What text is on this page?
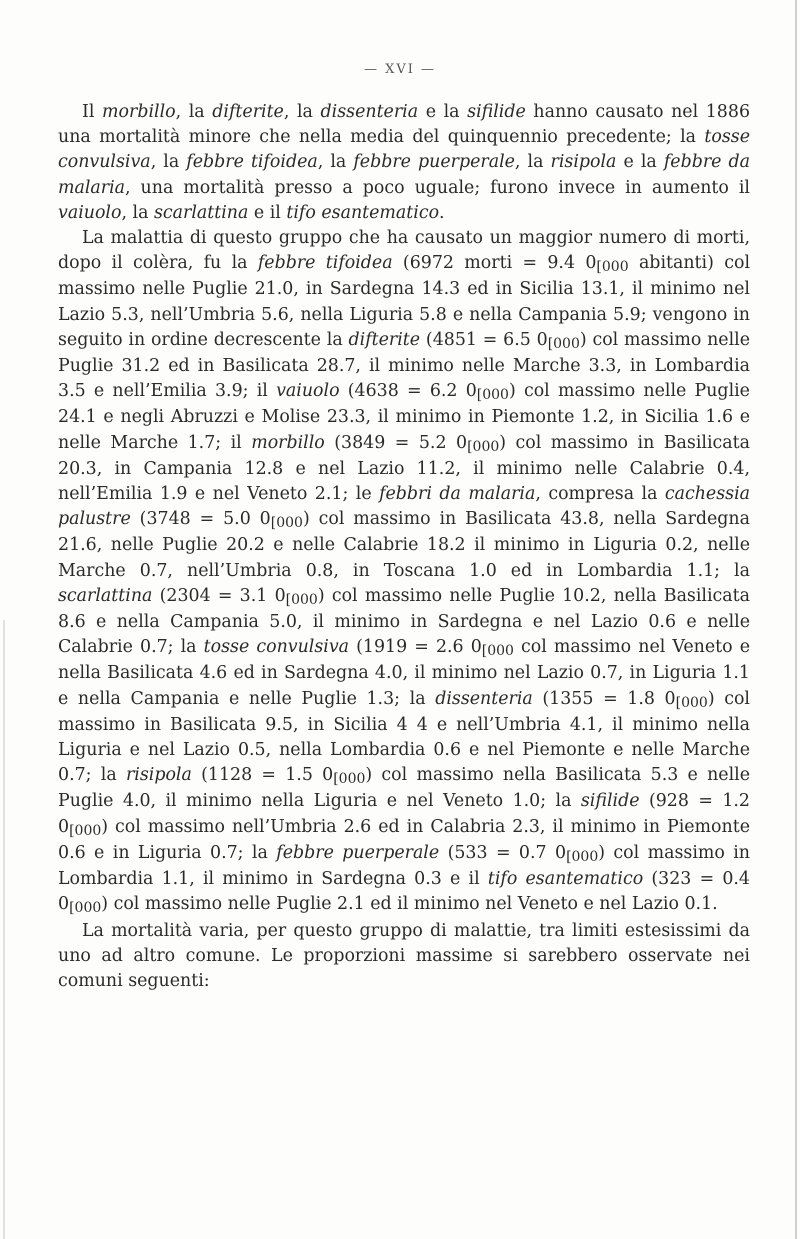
— XVI —

Il morbillo, la difterite, la dissenteria e la sifilide hanno causato nel 1886 una mortalità minore che nella media del quinquennio precedente; la tosse convulsiva, la febbre tifoidea, la febbre puerperale, la risipola e la febbre da malaria, una mortalità presso a poco uguale; furono invece in aumento il vaiuolo, la scarlattina e il tifo esantematico.

La malattia di questo gruppo che ha causato un maggior numero di morti, dopo il colèra, fu la febbre tifoidea (6972 morti = 9.4 0[000 abitanti) col massimo nelle Puglie 21.0, in Sardegna 14.3 ed in Sicilia 13.1, il minimo nel Lazio 5.3, nell’Umbria 5.6, nella Liguria 5.8 e nella Campania 5.9; vengono in seguito in ordine decrescente la difterite (4851 = 6.5 0[000) col massimo nelle Puglie 31.2 ed in Basilicata 28.7, il minimo nelle Marche 3.3, in Lombardia 3.5 e nell’Emilia 3.9; il vaiuolo (4638 = 6.2 0[000) col massimo nelle Puglie 24.1 e negli Abruzzi e Molise 23.3, il minimo in Piemonte 1.2, in Sicilia 1.6 e nelle Marche 1.7; il morbillo (3849 = 5.2 0[000) col massimo in Basilicata 20.3, in Campania 12.8 e nel Lazio 11.2, il minimo nelle Calabrie 0.4, nell’Emilia 1.9 e nel Veneto 2.1; le febbri da malaria, compresa la cachessia palustre (3748 = 5.0 0[000) col massimo in Basilicata 43.8, nella Sardegna 21.6, nelle Puglie 20.2 e nelle Calabrie 18.2 il minimo in Liguria 0.2, nelle Marche 0.7, nell’Umbria 0.8, in Toscana 1.0 ed in Lombardia 1.1; la scarlattina (2304 = 3.1 0[000) col massimo nelle Puglie 10.2, nella Basilicata 8.6 e nella Campania 5.0, il minimo in Sardegna e nel Lazio 0.6 e nelle Calabrie 0.7; la tosse convulsiva (1919 = 2.6 0[000 col massimo nel Veneto e nella Basilicata 4.6 ed in Sardegna 4.0, il minimo nel Lazio 0.7, in Liguria 1.1 e nella Campania e nelle Puglie 1.3; la dissenteria (1355 = 1.8 0[000) col massimo in Basilicata 9.5, in Sicilia 4 4 e nell’Umbria 4.1, il minimo nella Liguria e nel Lazio 0.5, nella Lombardia 0.6 e nel Piemonte e nelle Marche 0.7; la risipola (1128 = 1.5 0[000) col massimo nella Basilicata 5.3 e nelle Puglie 4.0, il minimo nella Liguria e nel Veneto 1.0; la sifilide (928 = 1.2 0[000) col massimo nell’Umbria 2.6 ed in Calabria 2.3, il minimo in Piemonte 0.6 e in Liguria 0.7; la febbre puerperale (533 = 0.7 0[000) col massimo in Lombardia 1.1, il minimo in Sardegna 0.3 e il tifo esantematico (323 = 0.4 0[000) col massimo nelle Puglie 2.1 ed il minimo nel Veneto e nel Lazio 0.1.

La mortalità varia, per questo gruppo di malattie, tra limiti estesissimi da uno ad altro comune. Le proporzioni massime si sarebbero osservate nei comuni seguenti:
